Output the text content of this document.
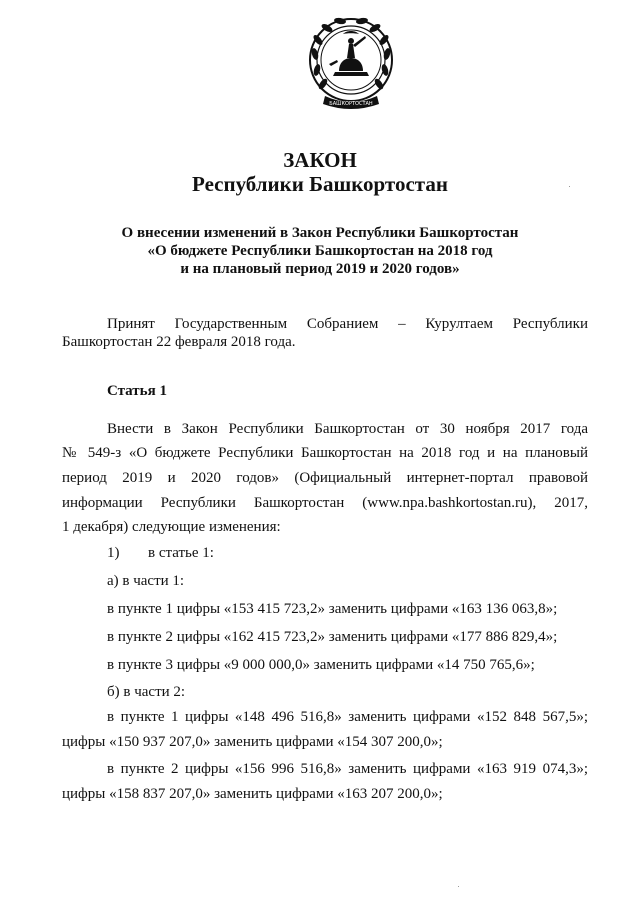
БАШКОРТОСТАН
ЗАКОН
Республики Башкортостан
О внесении изменений в Закон Республики Башкортостан
«О бюджете Республики Башкортостан на 2018 год
и на плановый период 2019 и 2020 годов»
Принят Государственным Собранием – Курултаем Республики
Башкортостан 22 февраля 2018 года.
Статья 1
Внести в Закон Республики Башкортостан от 30 ноября 2017 года
№ 549-з «О бюджете Республики Башкортостан на 2018 год и на плановый
период 2019 и 2020 годов» (Официальный интернет-портал правовой
информации Республики Башкортостан (www.npa.bashkortostan.ru), 2017,
1 декабря) следующие изменения:
1) в статье 1:
а) в части 1:
в пункте 1 цифры «153 415 723,2» заменить цифрами «163 136 063,8»;
в пункте 2 цифры «162 415 723,2» заменить цифрами «177 886 829,4»;
в пункте 3 цифры «9 000 000,0» заменить цифрами «14 750 765,6»;
б) в части 2:
в пункте 1 цифры «148 496 516,8» заменить цифрами «152 848 567,5»;
цифры «150 937 207,0» заменить цифрами «154 307 200,0»;
в пункте 2 цифры «156 996 516,8» заменить цифрами «163 919 074,3»;
цифры «158 837 207,0» заменить цифрами «163 207 200,0»;
